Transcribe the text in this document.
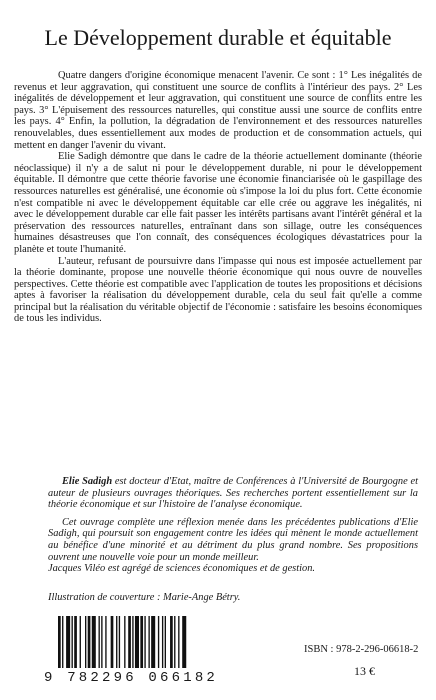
Le Développement durable et équitable

Quatre dangers d'origine économique menacent l'avenir. Ce sont : 1° Les inégalités de revenus et leur aggravation, qui constituent une source de conflits à l'intérieur des pays. 2° Les inégalités de développement et leur aggravation, qui constituent une source de conflits entre les pays. 3° L'épuisement des ressources naturelles, qui constitue aussi une source de conflits entre les pays. 4° Enfin, la pollution, la dégradation de l'environnement et des ressources naturelles renouvelables, dues essentiellement aux modes de production et de consommation actuels, qui mettent en danger l'avenir du vivant.

Elie Sadigh démontre que dans le cadre de la théorie actuellement dominante (théorie néoclassique) il n'y a de salut ni pour le développement durable, ni pour le développement équitable. Il démontre que cette théorie favorise une économie financiarisée où le gaspillage des ressources naturelles est généralisé, une économie où s'impose la loi du plus fort. Cette économie n'est compatible ni avec le développement équitable car elle crée ou aggrave les inégalités, ni avec le développement durable car elle fait passer les intérêts partisans avant l'intérêt général et la préservation des ressources naturelles, entraînant dans son sillage, outre les conséquences humaines désastreuses que l'on connaît, des conséquences écologiques dévastatrices pour la planète et toute l'humanité.

L'auteur, refusant de poursuivre dans l'impasse qui nous est imposée actuellement par la théorie dominante, propose une nouvelle théorie économique qui nous ouvre de nouvelles perspectives. Cette théorie est compatible avec l'application de toutes les propositions et décisions aptes à favoriser la réalisation du développement durable, cela du seul fait qu'elle a comme principal but la réalisation du véritable objectif de l'économie : satisfaire les besoins économiques de tous les individus.

Elie Sadigh est docteur d'Etat, maître de Conférences à l'Université de Bourgogne et auteur de plusieurs ouvrages théoriques. Ses recherches portent essentiellement sur la théorie économique et sur l'histoire de l'analyse économique.

Cet ouvrage complète une réflexion menée dans les précédentes publications d'Elie Sadigh, qui poursuit son engagement contre les idées qui mènent le monde actuellement au bénéfice d'une minorité et au détriment du plus grand nombre. Ses propositions ouvrent une nouvelle voie pour un monde meilleur.

Jacques Viléo est agrégé de sciences économiques et de gestion.

Illustration de couverture : Marie-Ange Bétry.
9 782296 066182
ISBN : 978-2-296-06618-2
13 €
